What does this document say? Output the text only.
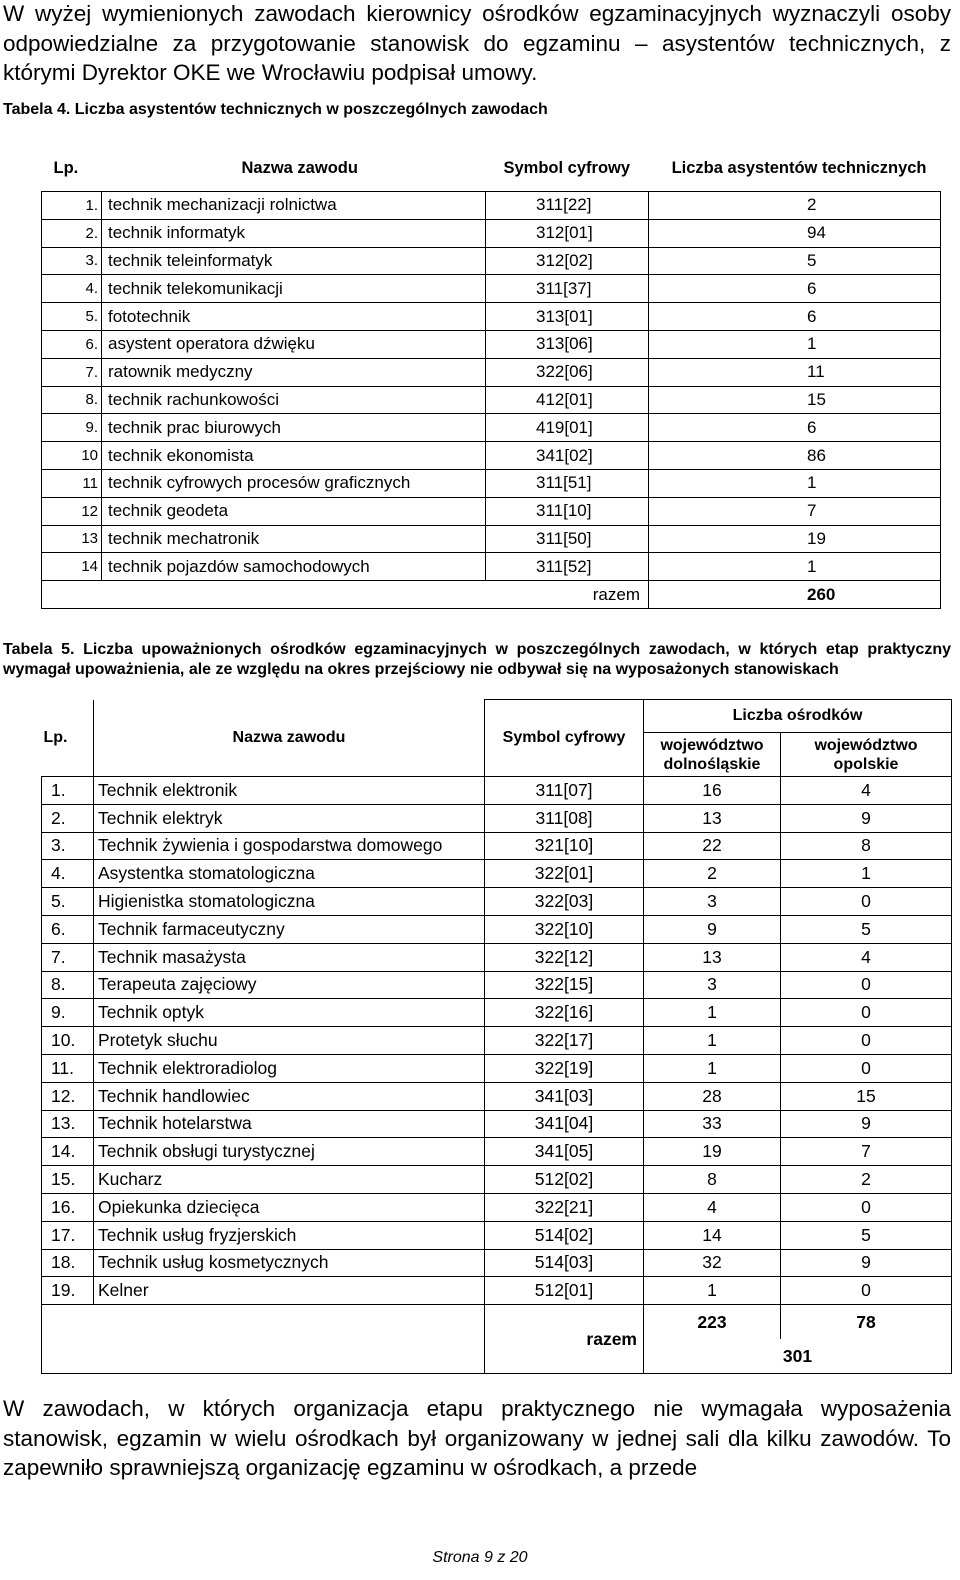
W wyżej wymienionych zawodach kierownicy ośrodków egzaminacyjnych wyznaczyli osoby odpowiedzialne za przygotowanie stanowisk do egzaminu – asystentów technicznych, z którymi Dyrektor OKE we Wrocławiu podpisał umowy.

Tabela 4. Liczba asystentów technicznych w poszczególnych zawodach

Lp.	Nazwa zawodu	Symbol cyfrowy	Liczba asystentów technicznych
1.	technik mechanizacji rolnictwa	311[22]	2
2.	technik informatyk	312[01]	94
3.	technik teleinformatyk	312[02]	5
4.	technik telekomunikacji	311[37]	6
5.	fototechnik	313[01]	6
6.	asystent operatora dźwięku	313[06]	1
7.	ratownik medyczny	322[06]	11
8.	technik rachunkowości	412[01]	15
9.	technik prac biurowych	419[01]	6
10	technik ekonomista	341[02]	86
11	technik cyfrowych procesów graficznych	311[51]	1
12	technik geodeta	311[10]	7
13	technik mechatronik	311[50]	19
14	technik pojazdów samochodowych	311[52]	1
		razem	260

Tabela 5. Liczba upoważnionych ośrodków egzaminacyjnych w poszczególnych zawodach, w których etap praktyczny wymagał upoważnienia, ale ze względu na okres przejściowy nie odbywał się na wyposażonych stanowiskach

Lp.	Nazwa zawodu	Symbol cyfrowy	Liczba ośrodków	
			województwo dolnośląskie	województwo opolskie
1.	Technik elektronik	311[07]	16	4
2.	Technik elektryk	311[08]	13	9
3.	Technik żywienia i gospodarstwa domowego	321[10]	22	8
4.	Asystentka stomatologiczna	322[01]	2	1
5.	Higienistka stomatologiczna	322[03]	3	0
6.	Technik farmaceutyczny	322[10]	9	5
7.	Technik masażysta	322[12]	13	4
8.	Terapeuta zajęciowy	322[15]	3	0
9.	Technik optyk	322[16]	1	0
10.	Protetyk słuchu	322[17]	1	0
11.	Technik elektroradiolog	322[19]	1	0
12.	Technik handlowiec	341[03]	28	15
13.	Technik hotelarstwa	341[04]	33	9
14.	Technik obsługi turystycznej	341[05]	19	7
15.	Kucharz	512[02]	8	2
16.	Opiekunka dziecięca	322[21]	4	0
17.	Technik usług fryzjerskich	514[02]	14	5
18.	Technik usług kosmetycznych	514[03]	32	9
19.	Kelner	512[01]	1	0
		razem	223	78
			301	

W zawodach, w których organizacja etapu praktycznego nie wymagała wyposażenia stanowisk, egzamin w wielu ośrodkach był organizowany w jednej sali dla kilku zawodów. To zapewniło sprawniejszą organizację egzaminu w ośrodkach, a przede

Strona 9 z 20
